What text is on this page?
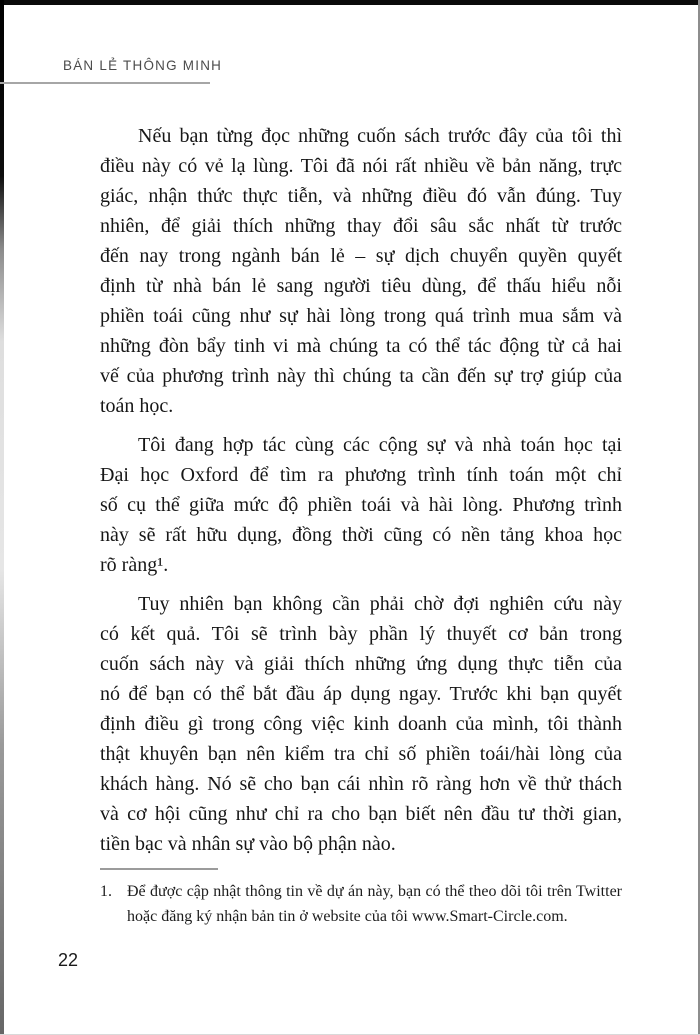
BÁN LẺ THÔNG MINH
Nếu bạn từng đọc những cuốn sách trước đây của tôi thì
điều này có vẻ lạ lùng. Tôi đã nói rất nhiều về bản năng, trực
giác, nhận thức thực tiễn, và những điều đó vẫn đúng. Tuy
nhiên, để giải thích những thay đổi sâu sắc nhất từ trước
đến nay trong ngành bán lẻ – sự dịch chuyển quyền quyết
định từ nhà bán lẻ sang người tiêu dùng, để thấu hiểu nỗi
phiền toái cũng như sự hài lòng trong quá trình mua sắm và
những đòn bẩy tinh vi mà chúng ta có thể tác động từ cả hai
vế của phương trình này thì chúng ta cần đến sự trợ giúp của
toán học.
Tôi đang hợp tác cùng các cộng sự và nhà toán học tại
Đại học Oxford để tìm ra phương trình tính toán một chỉ
số cụ thể giữa mức độ phiền toái và hài lòng. Phương trình
này sẽ rất hữu dụng, đồng thời cũng có nền tảng khoa học
rõ ràng¹.
Tuy nhiên bạn không cần phải chờ đợi nghiên cứu này
có kết quả. Tôi sẽ trình bày phần lý thuyết cơ bản trong
cuốn sách này và giải thích những ứng dụng thực tiễn của
nó để bạn có thể bắt đầu áp dụng ngay. Trước khi bạn quyết
định điều gì trong công việc kinh doanh của mình, tôi thành
thật khuyên bạn nên kiểm tra chỉ số phiền toái/hài lòng của
khách hàng. Nó sẽ cho bạn cái nhìn rõ ràng hơn về thử thách
và cơ hội cũng như chỉ ra cho bạn biết nên đầu tư thời gian,
tiền bạc và nhân sự vào bộ phận nào.
1. Để được cập nhật thông tin về dự án này, bạn có thể theo dõi tôi trên Twitter
hoặc đăng ký nhận bản tin ở website của tôi www.Smart-Circle.com.
22
